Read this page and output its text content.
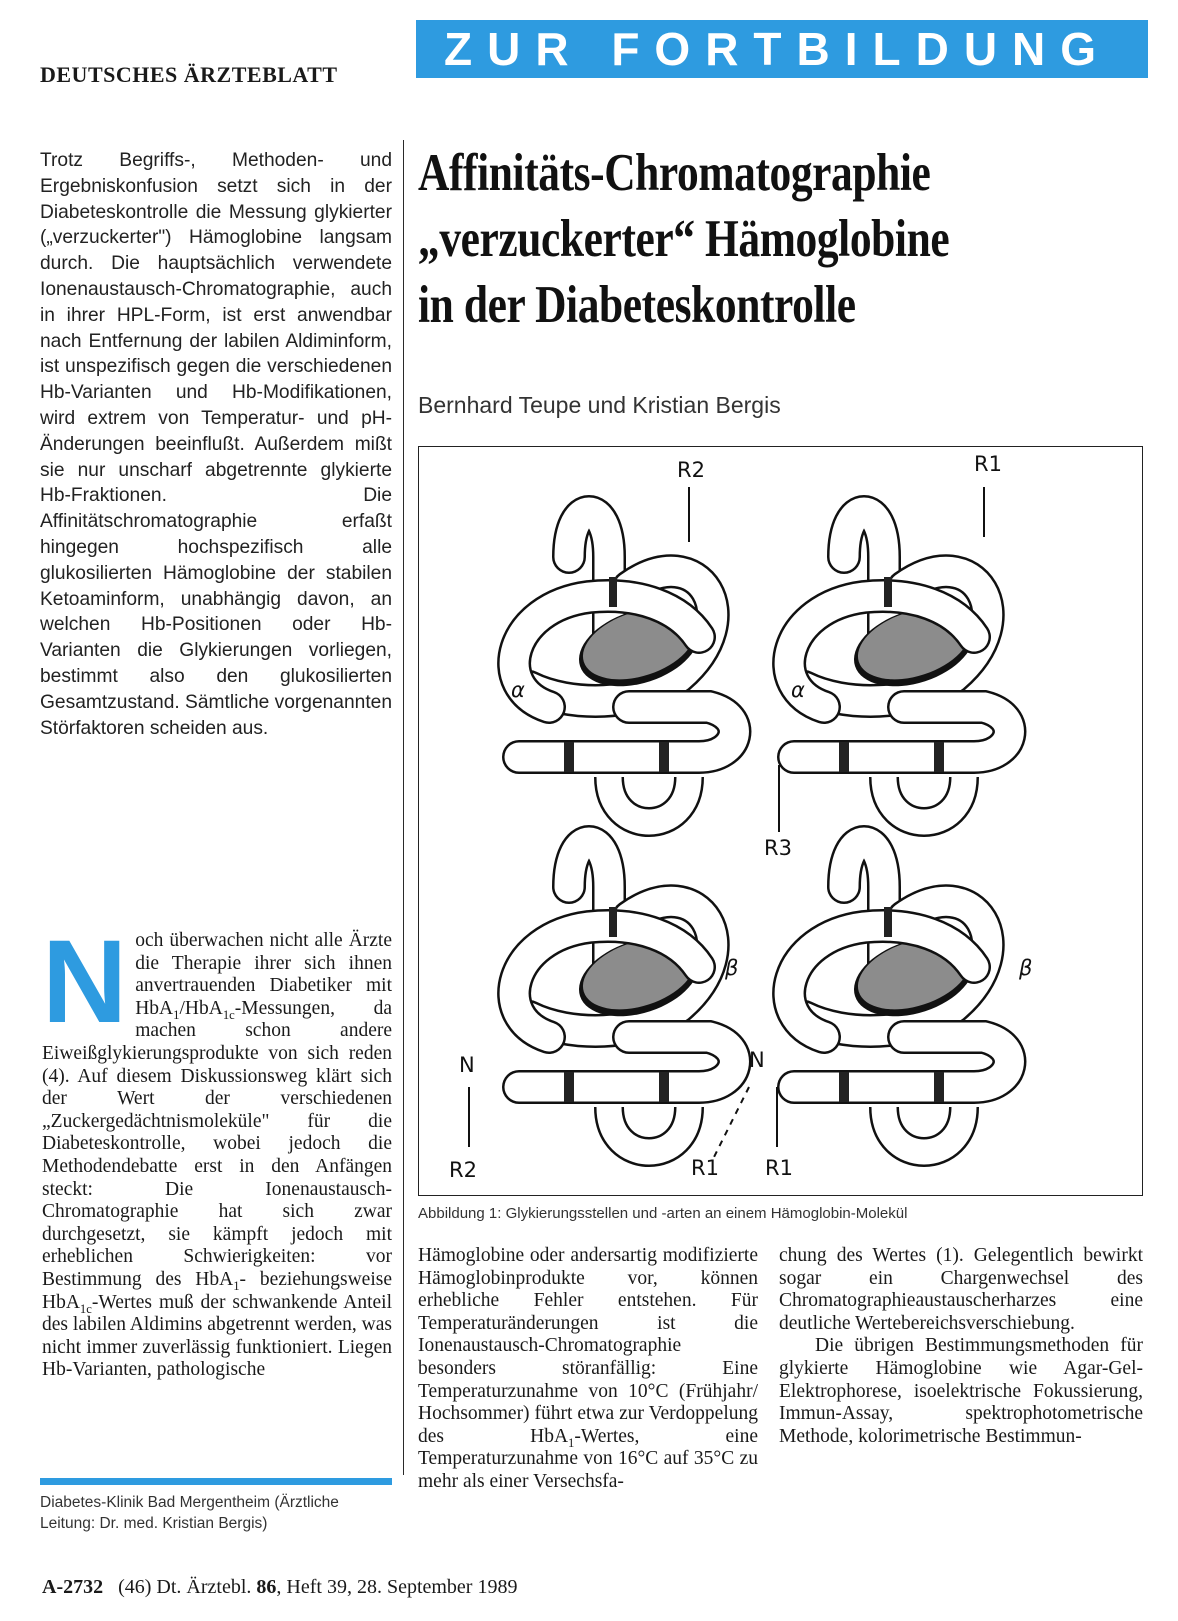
DEUTSCHES ÄRZTEBLATT	ZUR FORTBILDUNG

Trotz Begriffs-, Methoden- und Ergebniskonfusion setzt sich in der Diabeteskontrolle die Messung glykierter („verzuckerter") Hämoglobine langsam durch. Die hauptsächlich verwendete Ionenaustausch-Chromatographie, auch in ihrer HPL-Form, ist erst anwendbar nach Entfernung der labilen Aldiminform, ist unspezifisch gegen die verschiedenen Hb-Varianten und Hb-Modifikationen, wird extrem von Temperatur- und pH-Änderungen beeinflußt. Außerdem mißt sie nur unscharf abgetrennte glykierte Hb-Fraktionen. Die Affinitätschromatographie erfaßt hingegen hochspezifisch alle glukosilierten Hämoglobine der stabilen Ketoaminform, unabhängig davon, an welchen Hb-Positionen oder Hb-Varianten die Glykierungen vorliegen, bestimmt also den glukosilierten Gesamtzustand. Sämtliche vorgenannten Störfaktoren scheiden aus.

Affinitäts-Chromatographie
„verzuckerter“ Hämoglobine
in der Diabeteskontrolle
Bernhard Teupe und Kristian Bergis
R2	R1
α	α
R3
β	β
N	N
R2	R1 R1
Abbildung 1: Glykierungsstellen und -arten an einem Hämoglobin-Molekül
Noch überwachen nicht alle Ärzte die Therapie ihrer sich ihnen anvertrauenden Diabetiker mit HbA$_1$/HbA$_{1c}$-Messungen, da machen schon andere Eiweißglykierungsprodukte von sich reden (4). Auf diesem Diskussionsweg klärt sich der Wert der verschiedenen „Zuckergedächtnismoleküle" für die Diabeteskontrolle, wobei jedoch die Methodendebatte erst in den Anfängen steckt: Die Ionenaustausch-Chromatographie hat sich zwar durchgesetzt, sie kämpft jedoch mit erheblichen Schwierigkeiten: vor Bestimmung des HbA$_1$- beziehungsweise HbA$_{1c}$-Wertes muß der schwankende Anteil des labilen Aldimins abgetrennt werden, was nicht immer zuverlässig funktioniert. Liegen Hb-Varianten, pathologische
Hämoglobine oder andersartig modifizierte Hämoglobinprodukte vor, können erhebliche Fehler entstehen. Für Temperaturänderungen ist die Ionenaustausch-Chromatographie besonders störanfällig: Eine Temperaturzunahme von 10°C (Frühjahr/ Hochsommer) führt etwa zur Verdoppelung des HbA$_1$-Wertes, eine Temperaturzunahme von 16°C auf 35°C zu mehr als einer Versechsfa-
chung des Wertes (1). Gelegentlich bewirkt sogar ein Chargenwechsel des Chromatographieaustauscherharzes eine deutliche Wertebereichsverschiebung.
Die übrigen Bestimmungsmethoden für glykierte Hämoglobine wie Agar-Gel-Elektrophorese, isoelektrische Fokussierung, Immun-Assay, spektrophotometrische Methode, kolorimetrische Bestimmun-

Diabetes-Klinik Bad Mergentheim (Ärztliche Leitung: Dr. med. Kristian Bergis)

A-2732 (46) Dt. Ärztebl. 86, Heft 39, 28. September 1989
